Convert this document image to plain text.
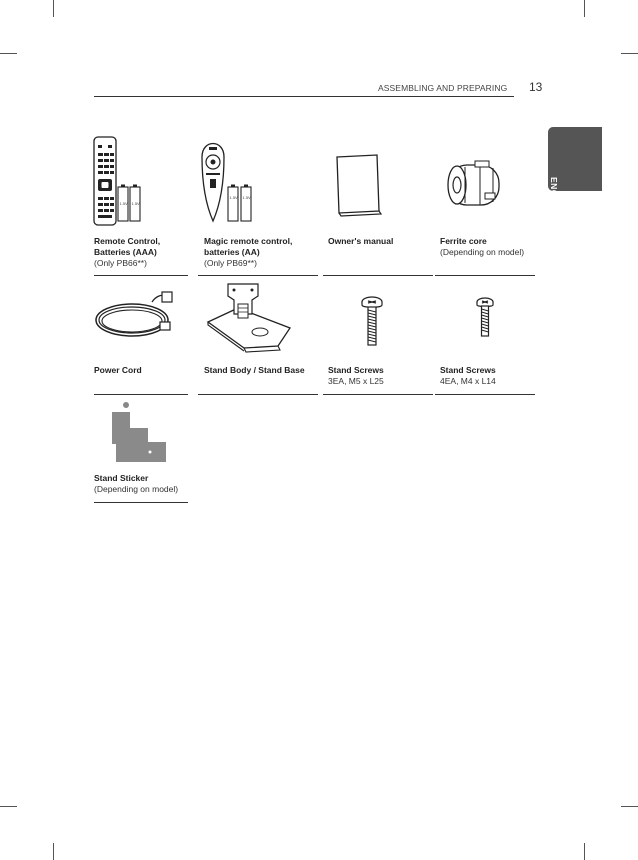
ASSEMBLING AND PREPARING 13
ENGLISH
1.5V 1.5V
Remote Control, Batteries (AAA)
(Only PB66**)
1.5V 1.5V
Magic remote control, batteries (AA)
(Only PB69**)
Owner's manual	Ferrite core
(Depending on model)
Power Cord	Stand Body / Stand Base	Stand Screws
3EA, M5 x L25
Stand Screws
4EA, M4 x L14
Stand Sticker
(Depending on model)
